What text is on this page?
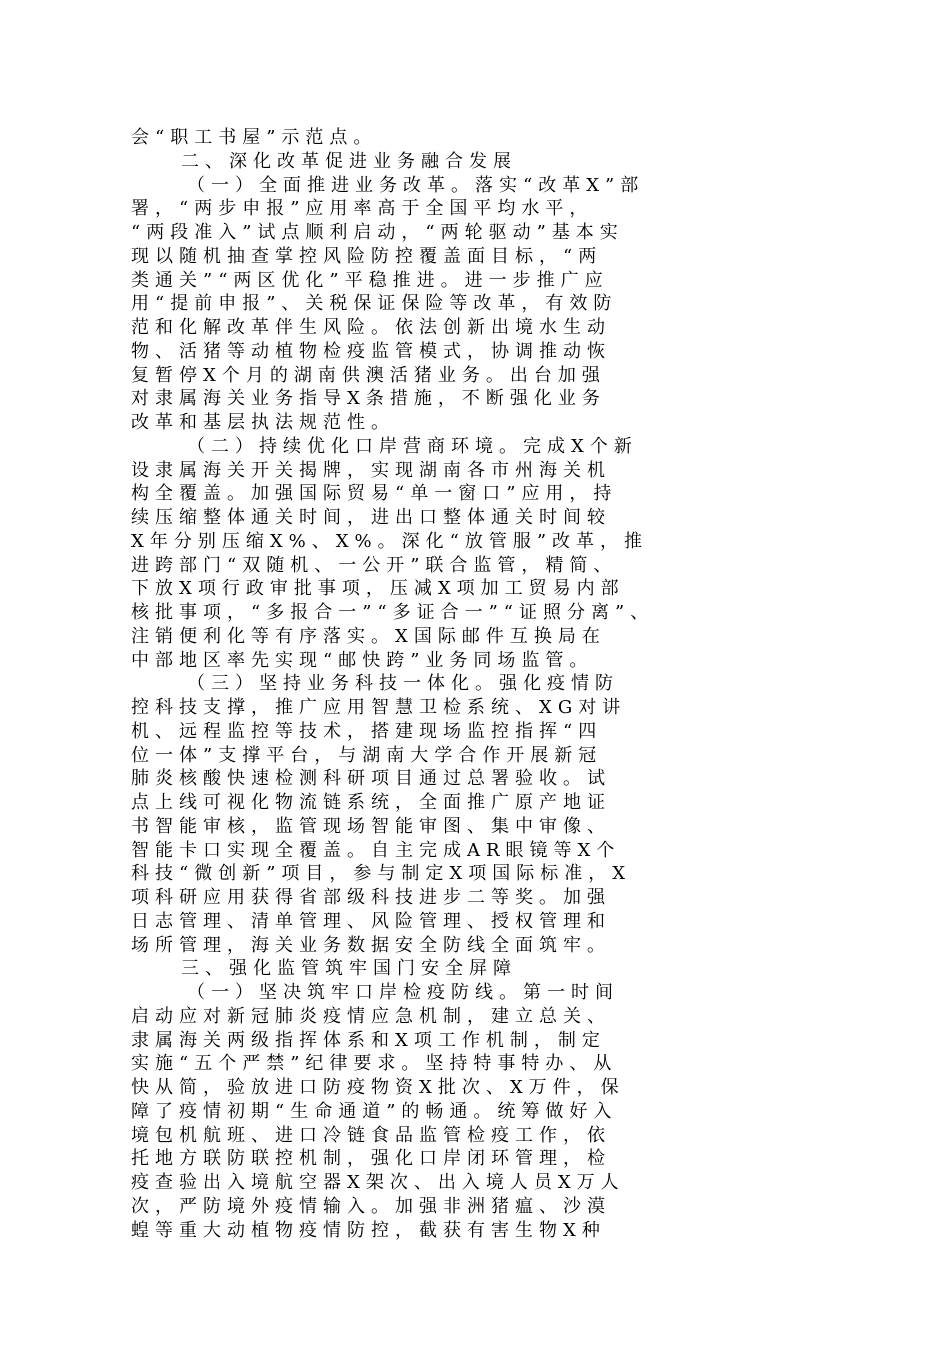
会“职工书屋”示范点。
二、深化改革促进业务融合发展
（一）全面推进业务改革。落实“改革X”部
署，“两步申报”应用率高于全国平均水平，
“两段准入”试点顺利启动，“两轮驱动”基本实
现以随机抽查掌控风险防控覆盖面目标，“两
类通关”“两区优化”平稳推进。进一步推广应
用“提前申报”、关税保证保险等改革，有效防
范和化解改革伴生风险。依法创新出境水生动
物、活猪等动植物检疫监管模式，协调推动恢
复暂停X个月的湖南供澳活猪业务。出台加强
对隶属海关业务指导X条措施，不断强化业务
改革和基层执法规范性。
（二）持续优化口岸营商环境。完成X个新
设隶属海关开关揭牌，实现湖南各市州海关机
构全覆盖。加强国际贸易“单一窗口”应用，持
续压缩整体通关时间，进出口整体通关时间较
X年分别压缩X%、X%。深化“放管服”改革，推
进跨部门“双随机、一公开”联合监管，精简、
下放X项行政审批事项，压减X项加工贸易内部
核批事项，“多报合一”“多证合一”“证照分离”、
注销便利化等有序落实。X国际邮件互换局在
中部地区率先实现“邮快跨”业务同场监管。
（三）坚持业务科技一体化。强化疫情防
控科技支撑，推广应用智慧卫检系统、XG对讲
机、远程监控等技术，搭建现场监控指挥“四
位一体”支撑平台，与湖南大学合作开展新冠
肺炎核酸快速检测科研项目通过总署验收。试
点上线可视化物流链系统，全面推广原产地证
书智能审核，监管现场智能审图、集中审像、
智能卡口实现全覆盖。自主完成AR眼镜等X个
科技“微创新”项目，参与制定X项国际标准，X
项科研应用获得省部级科技进步二等奖。加强
日志管理、清单管理、风险管理、授权管理和
场所管理，海关业务数据安全防线全面筑牢。
三、强化监管筑牢国门安全屏障
（一）坚决筑牢口岸检疫防线。第一时间
启动应对新冠肺炎疫情应急机制，建立总关、
隶属海关两级指挥体系和X项工作机制，制定
实施“五个严禁”纪律要求。坚持特事特办、从
快从简，验放进口防疫物资X批次、X万件，保
障了疫情初期“生命通道”的畅通。统筹做好入
境包机航班、进口冷链食品监管检疫工作，依
托地方联防联控机制，强化口岸闭环管理，检
疫查验出入境航空器X架次、出入境人员X万人
次，严防境外疫情输入。加强非洲猪瘟、沙漠
蝗等重大动植物疫情防控，截获有害生物X种
